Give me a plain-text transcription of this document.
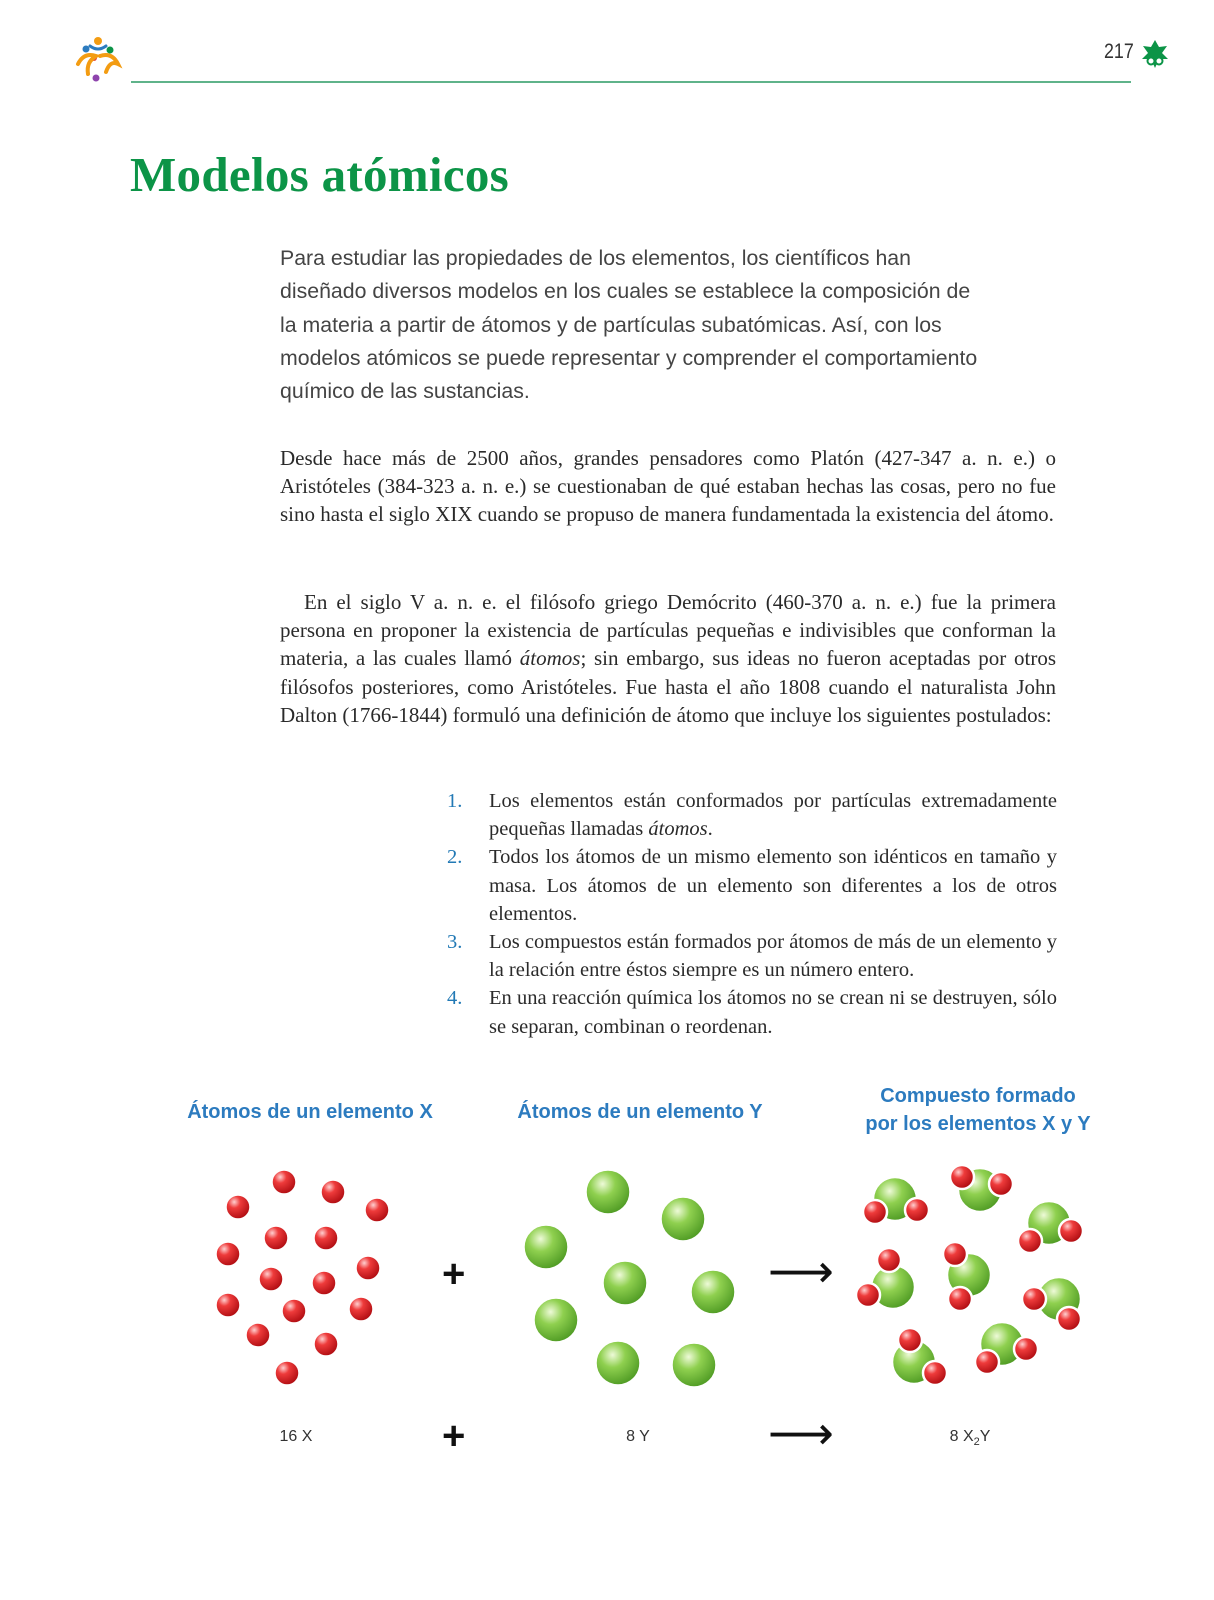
217
Modelos atómicos

Para estudiar las propiedades de los elementos, los científicos han diseñado diversos modelos en los cuales se establece la composición de la materia a partir de átomos y de partículas subatómicas. Así, con los modelos atómicos se puede representar y comprender el comportamiento químico de las sustancias.

Desde hace más de 2500 años, grandes pensadores como Platón (427-347 a. n. e.) o Aristóteles (384-323 a. n. e.) se cuestionaban de qué estaban hechas las cosas, pero no fue sino hasta el siglo XIX cuando se propuso de manera fundamentada la existencia del átomo.

En el siglo V a. n. e. el filósofo griego Demócrito (460-370 a. n. e.) fue la primera persona en proponer la existencia de partículas pequeñas e indivisibles que conforman la materia, a las cuales llamó átomos; sin embargo, sus ideas no fueron aceptadas por otros filósofos posteriores, como Aristóteles. Fue hasta el año 1808 cuando el naturalista John Dalton (1766-1844) formuló una definición de átomo que incluye los siguientes postulados:

1.	Los elementos están conformados por partículas extremadamente pequeñas llamadas átomos.
2.	Todos los átomos de un mismo elemento son idénticos en tamaño y masa. Los átomos de un elemento son diferentes a los de otros elementos.
3.	Los compuestos están formados por átomos de más de un elemento y la relación entre éstos siempre es un número entero.
4.	En una reacción química los átomos no se crean ni se destruyen, sólo se separan, combinan o reordenan.
Átomos de un elemento X	Átomos de un elemento Y
Compuesto formado
por los elementos X y Y
+	⟶
16 X	+	8 Y	⟶	8 $X_2Y$
